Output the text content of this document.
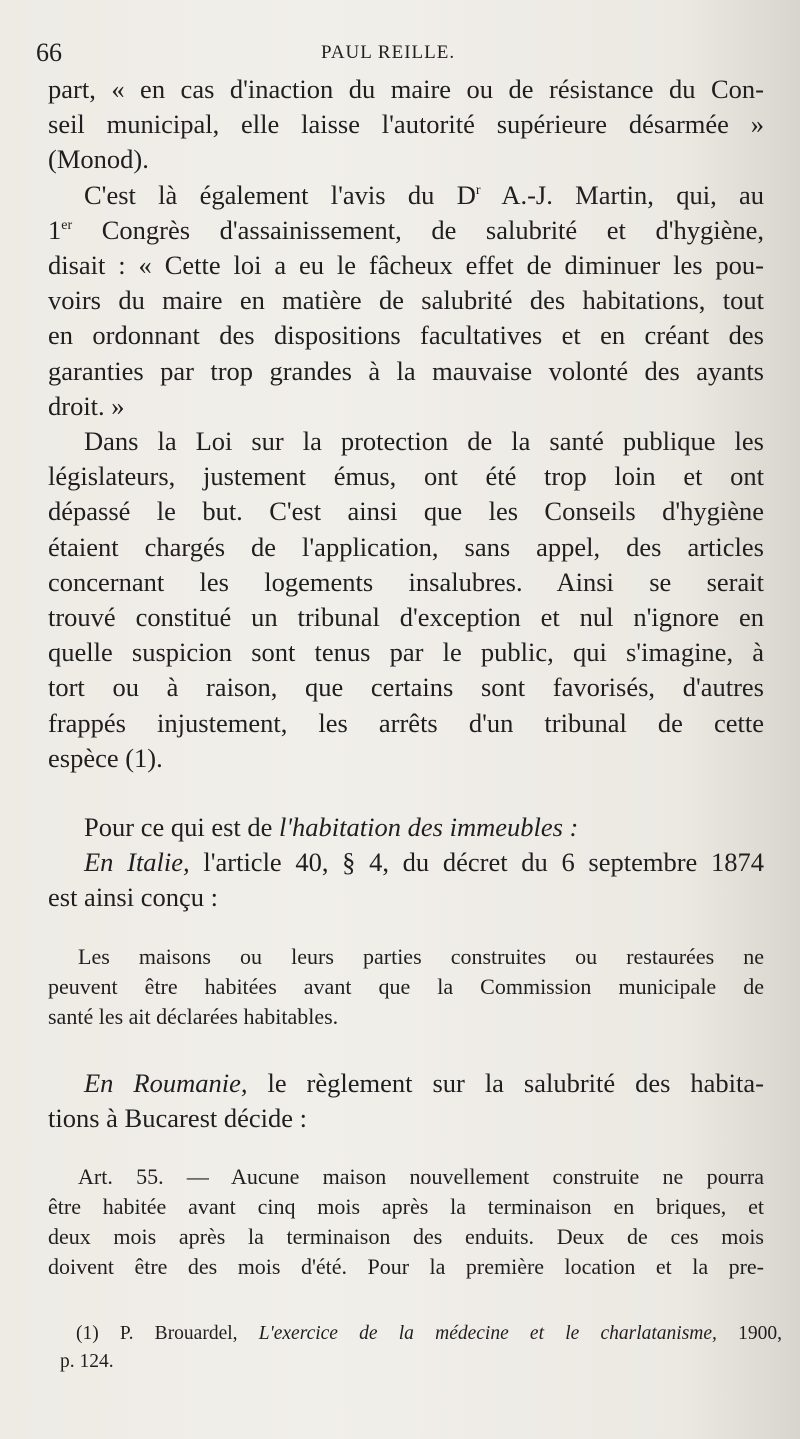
66	PAUL REILLE.
part, « en cas d'inaction du maire ou de résistance du Con-
seil municipal, elle laisse l'autorité supérieure désarmée »
(Monod).
C'est là également l'avis du $D^r$ A.-J. Martin, qui, au
1er Congrès d'assainissement, de salubrité et d'hygiène,
disait : « Cette loi a eu le fâcheux effet de diminuer les pou-
voirs du maire en matière de salubrité des habitations, tout
en ordonnant des dispositions facultatives et en créant des
garanties par trop grandes à la mauvaise volonté des ayants
droit. »
Dans la Loi sur la protection de la santé publique les
législateurs, justement émus, ont été trop loin et ont
dépassé le but. C'est ainsi que les Conseils d'hygiène
étaient chargés de l'application, sans appel, des articles
concernant les logements insalubres. Ainsi se serait
trouvé constitué un tribunal d'exception et nul n'ignore en
quelle suspicion sont tenus par le public, qui s'imagine, à
tort ou à raison, que certains sont favorisés, d'autres
frappés injustement, les arrêts d'un tribunal de cette
espèce (1).
Pour ce qui est de l'habitation des immeubles :
En Italie, l'article 40, § 4, du décret du 6 septembre 1874
est ainsi conçu :
Les maisons ou leurs parties construites ou restaurées ne
peuvent être habitées avant que la Commission municipale de
santé les ait déclarées habitables.
En Roumanie, le règlement sur la salubrité des habita-
tions à Bucarest décide :
Art. 55. — Aucune maison nouvellement construite ne pourra
être habitée avant cinq mois après la terminaison en briques, et
deux mois après la terminaison des enduits. Deux de ces mois
doivent être des mois d'été. Pour la première location et la pre-
(1) P. Brouardel, L'exercice de la médecine et le charlatanisme, 1900,
p. 124.
